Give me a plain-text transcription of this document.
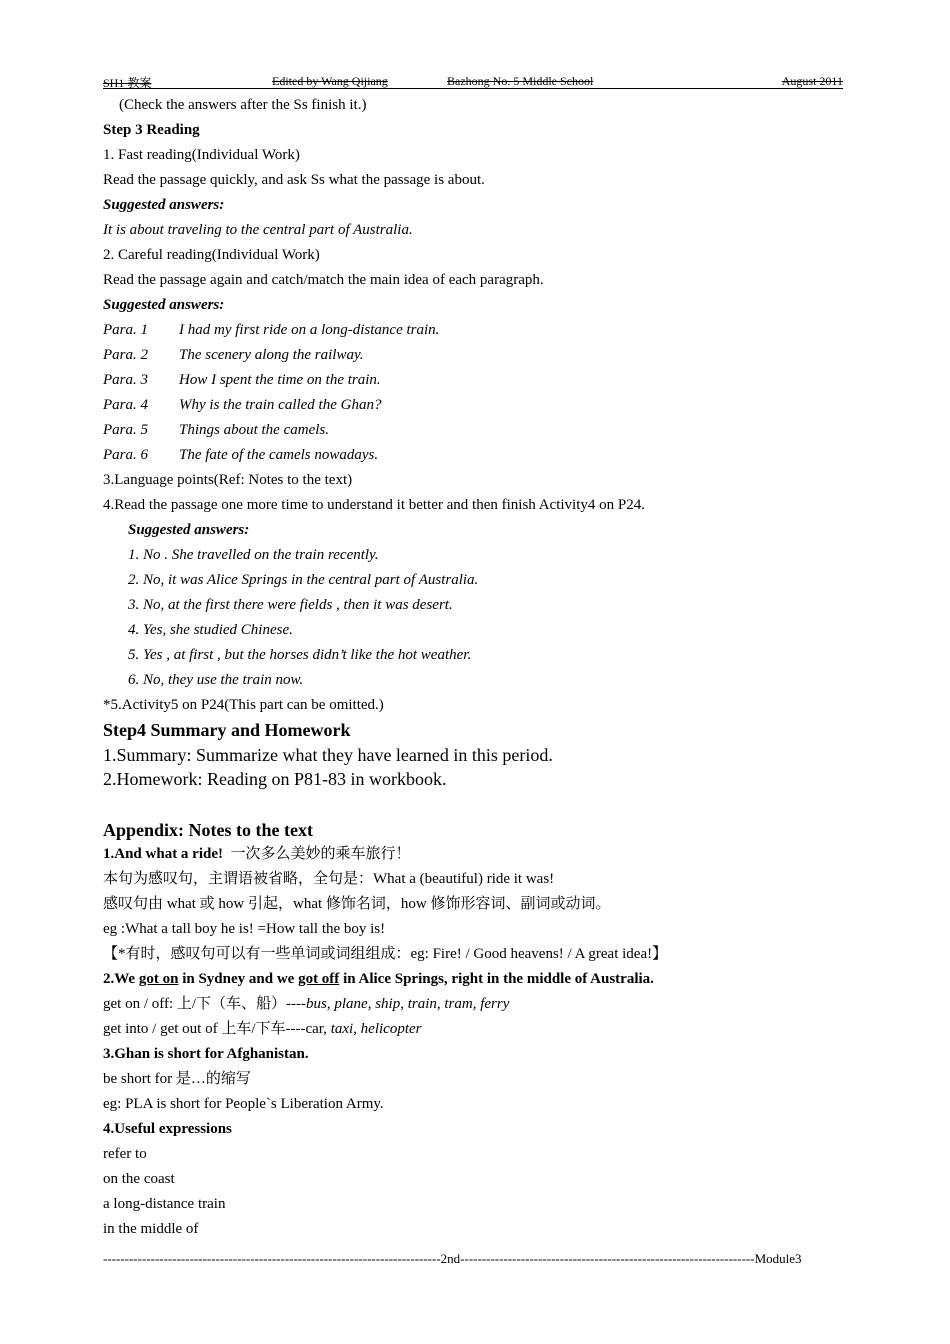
SH1 教案	Edited by Wang Qijiang	Bazhong No. 5 Middle School	August 2011
(Check the answers after the Ss finish it.)
Step 3 Reading
1. Fast reading(Individual Work)
Read the passage quickly, and ask Ss what the passage is about.
Suggested answers:
It is about traveling to the central part of Australia.
2. Careful reading(Individual Work)
Read the passage again and catch/match the main idea of each paragraph.
Suggested answers:
Para. 1 I had my first ride on a long-distance train.
Para. 2 The scenery along the railway.
Para. 3 How I spent the time on the train.
Para. 4 Why is the train called the Ghan?
Para. 5 Things about the camels.
Para. 6 The fate of the camels nowadays.
3.Language points(Ref: Notes to the text)
4.Read the passage one more time to understand it better and then finish Activity4 on P24.
Suggested answers:
1. No . She travelled on the train recently.
2. No, it was Alice Springs in the central part of Australia.
3. No, at the first there were fields , then it was desert.
4. Yes, she studied Chinese.
5. Yes , at first , but the horses didn’t like the hot weather.
6. No, they use the train now.
*5.Activity5 on P24(This part can be omitted.)
Step4 Summary and Homework
1.Summary: Summarize what they have learned in this period.
2.Homework: Reading on P81-83 in workbook.
Appendix: Notes to the text
1.And what a ride! 一次多么美妙的乘车旅行！
本句为感叹句，主谓语被省略，全句是：What a (beautiful) ride it was!
感叹句由 what 或 how 引起，what 修饰名词，how 修饰形容词、副词或动词。
eg :What a tall boy he is! =How tall the boy is!
【*有时，感叹句可以有一些单词或词组组成：eg: Fire! / Good heavens! / A great idea!】
2.We got on in Sydney and we got off in Alice Springs, right in the middle of Australia.
get on / off: 上/下（车、船）----bus, plane, ship, train, tram, ferry
get into / get out of 上车/下车----car, taxi, helicopter
3.Ghan is short for Afghanistan.
be short for 是…的缩写
eg: PLA is short for People`s Liberation Army.
4.Useful expressions
refer to
on the coast
a long-distance train
in the middle of
------------------------------------------------------------------------------2nd--------------------------------------------------------------------Module3
